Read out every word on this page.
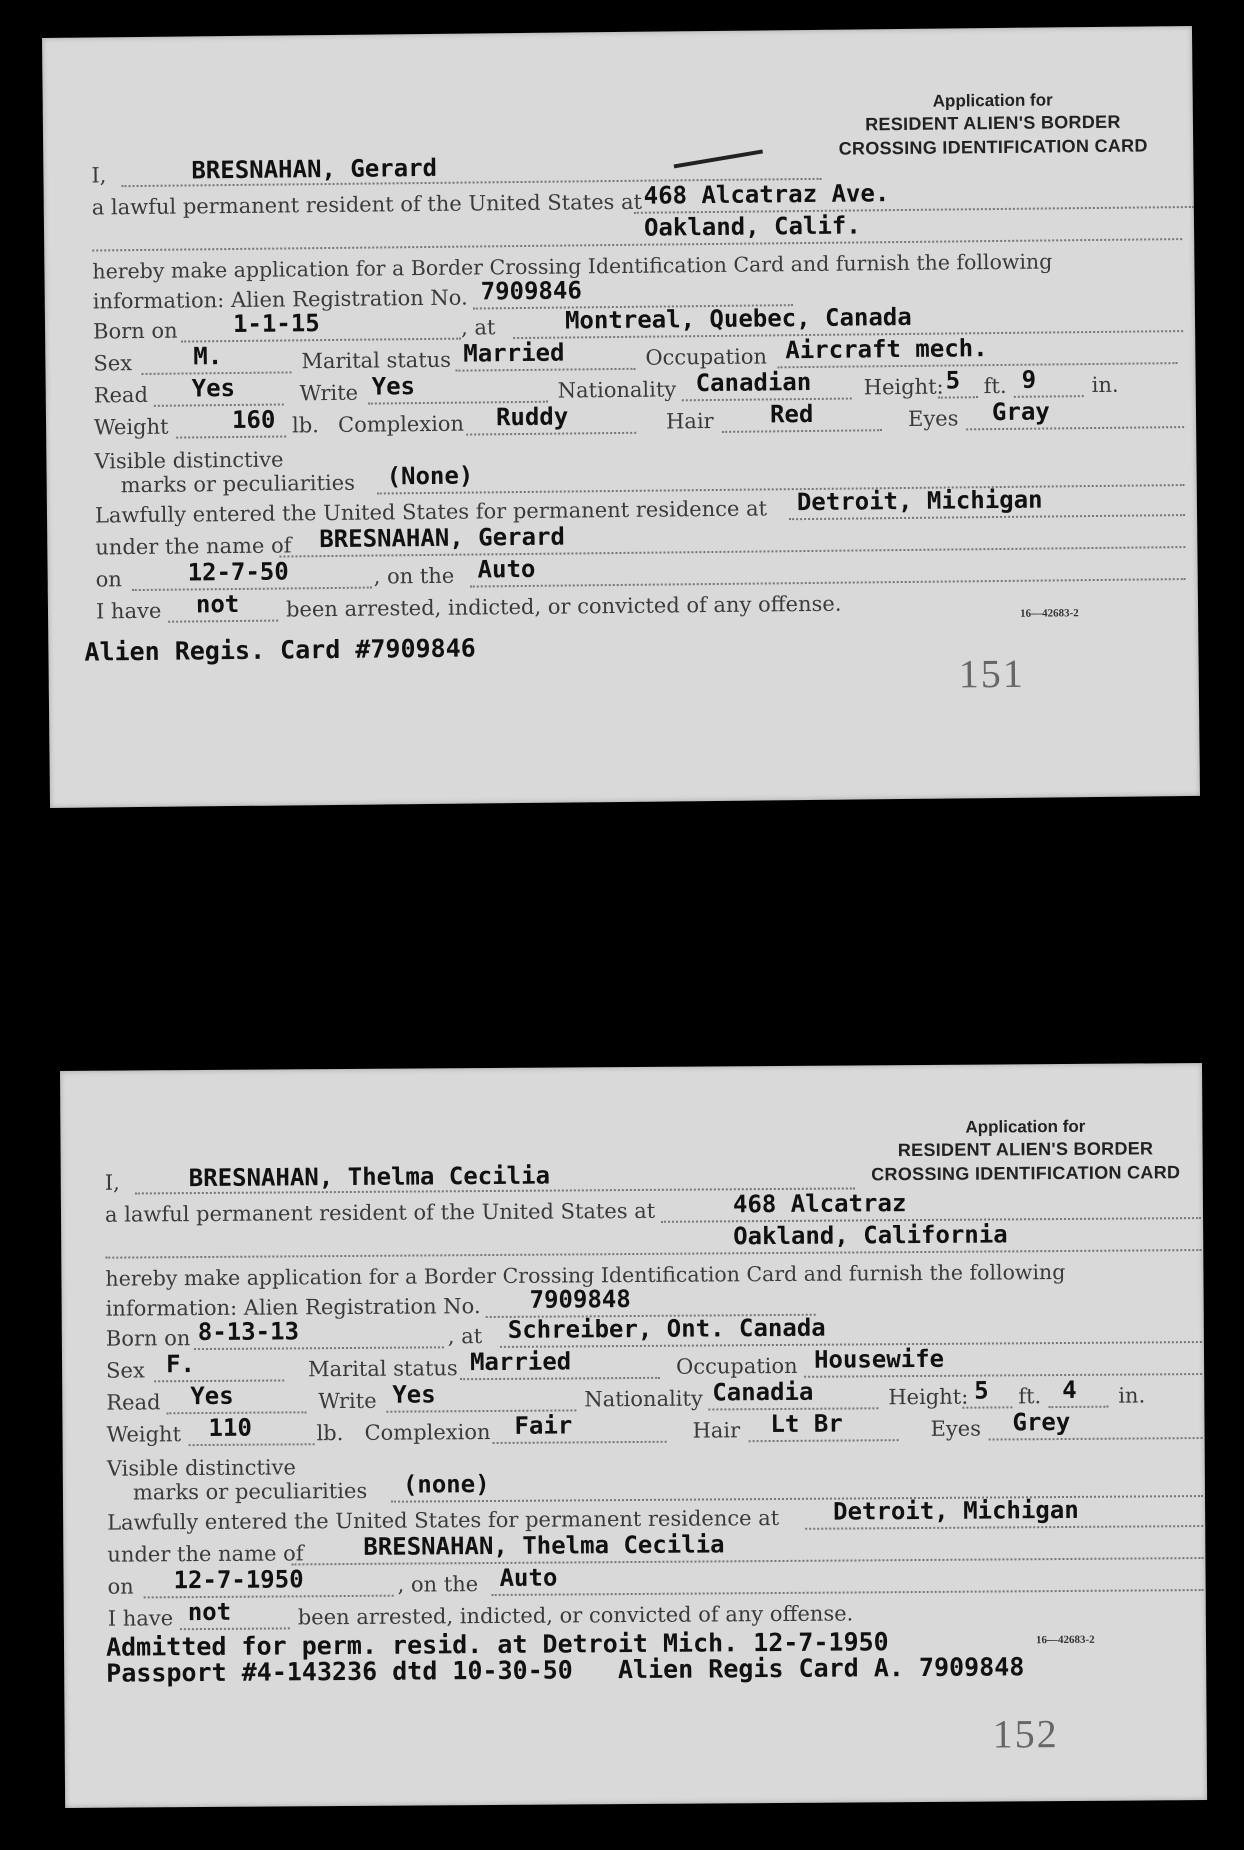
Application for
RESIDENT ALIEN'S BORDER
CROSSING IDENTIFICATION CARD
I,	BRESNAHAN, Gerard
a lawful permanent resident of the United States at 468 Alcatraz Ave.
Oakland, Calif.
hereby make application for a Border Crossing Identification Card and furnish the following
information: Alien Registration No. 7909846
Born on 1-1-15	, at	Montreal, Quebec, Canada
Sex	M.	Marital status Married	Occupation Aircraft mech.
Read Yes	Write Yes	Nationality Canadian Height: 5 ft. 9	in.
Weight	160 lb. Complexion Ruddy	Hair Red	Eyes Gray
Visible distinctive
marks or peculiarities (None)
Lawfully entered the United States for permanent residence at Detroit, Michigan
under the name of BRESNAHAN, Gerard
on	12-7-50	, on the Auto
I have not been arrested, indicted, or convicted of any offense.	16—42683-2
Alien Regis. Card #7909846
151
Application for
RESIDENT ALIEN'S BORDER
CROSSING IDENTIFICATION CARD
I,	BRESNAHAN, Thelma Cecilia
a lawful permanent resident of the United States at	468 Alcatraz
Oakland, California
hereby make application for a Border Crossing Identification Card and furnish the following
information: Alien Registration No. 7909848
Born on 8-13-13	, at Schreiber, Ont. Canada
Sex F.	Marital status Married	Occupation Housewife
Read Yes	Write Yes	Nationality Canadia	Height: 5 ft. 4 in.
Weight 110	lb. Complexion Fair	Hair Lt Br	Eyes Grey
Visible distinctive
marks or peculiarities (none)
Lawfully entered the United States for permanent residence at Detroit, Michigan
under the name of BRESNAHAN, Thelma Cecilia
on 12-7-1950	, on the Auto
I have not	been arrested, indicted, or convicted of any offense.
Admitted for perm. resid. at Detroit Mich. 12-7-1950	16—42683-2
Passport #4-143236 dtd 10-30-50   Alien Regis Card A. 7909848
152
